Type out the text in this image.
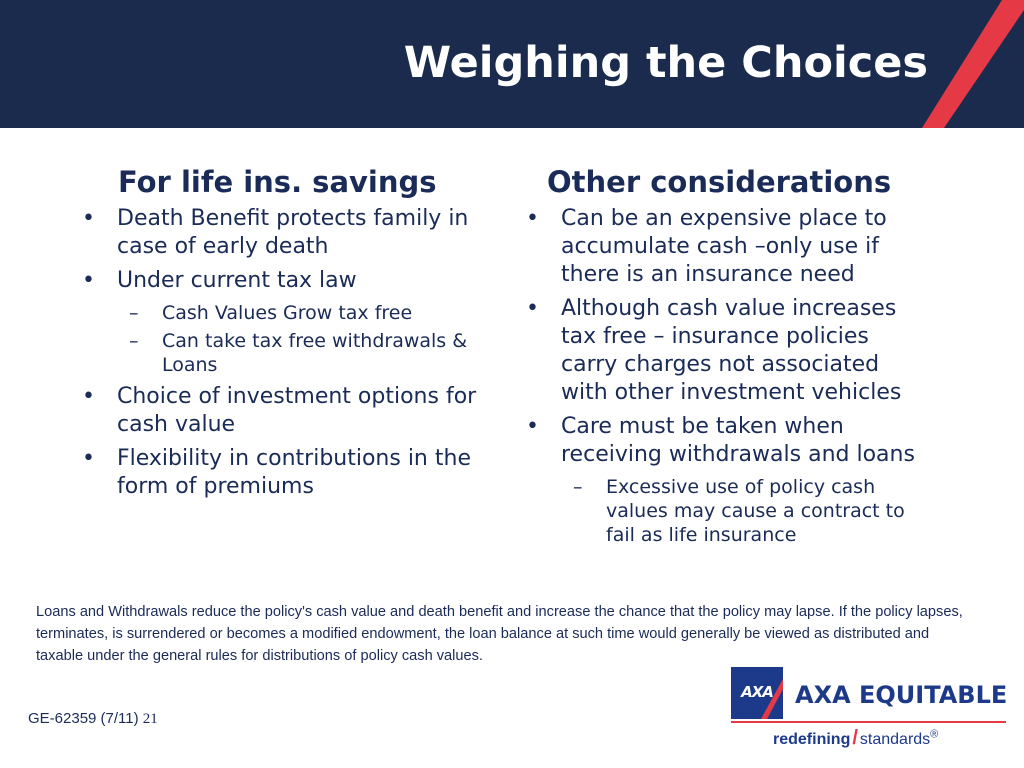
Weighing the Choices
For life ins. savings
• Death Benefit protects family in case of early death
• Under current tax law
– Cash Values Grow tax free
– Can take tax free withdrawals & Loans
• Choice of investment options for cash value
• Flexibility in contributions in the form of premiums
Other considerations
• Can be an expensive place to accumulate cash –only use if there is an insurance need
• Although cash value increases tax free – insurance policies carry charges not associated with other investment vehicles
• Care must be taken when receiving withdrawals and loans
– Excessive use of policy cash values may cause a contract to fail as life insurance

Loans and Withdrawals reduce the policy's cash value and death benefit and increase the chance that the policy may lapse. If the policy lapses, terminates, is surrendered or becomes a modified endowment, the loan balance at such time would generally be viewed as distributed and taxable under the general rules for distributions of policy cash values.

GE-62359 (7/11) 21
AXA AXA EQUITABLE
redefining / standards®
